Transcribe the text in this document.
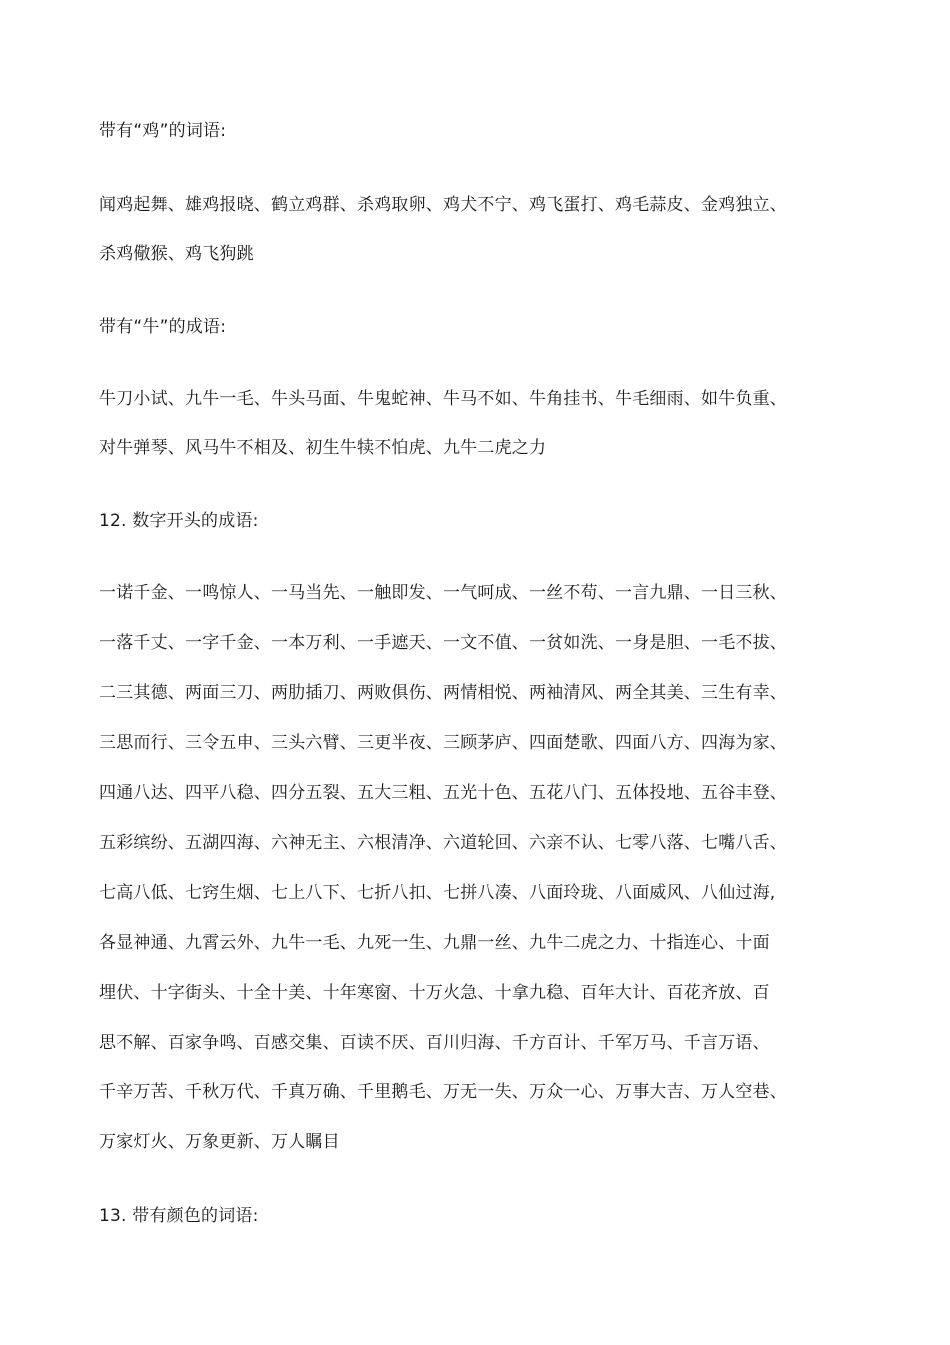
带有“鸡”的词语:
闻鸡起舞、雄鸡报晓、鹤立鸡群、杀鸡取卵、鸡犬不宁、鸡飞蛋打、鸡毛蒜皮、金鸡独立、
杀鸡儆猴、鸡飞狗跳
带有“牛”的成语:
牛刀小试、九牛一毛、牛头马面、牛鬼蛇神、牛马不如、牛角挂书、牛毛细雨、如牛负重、
对牛弹琴、风马牛不相及、初生牛犊不怕虎、九牛二虎之力
12. 数字开头的成语:
一诺千金、一鸣惊人、一马当先、一触即发、一气呵成、一丝不苟、一言九鼎、一日三秋、
一落千丈、一字千金、一本万利、一手遮天、一文不值、一贫如洗、一身是胆、一毛不拔、
二三其德、两面三刀、两肋插刀、两败俱伤、两情相悦、两袖清风、两全其美、三生有幸、
三思而行、三令五申、三头六臂、三更半夜、三顾茅庐、四面楚歌、四面八方、四海为家、
四通八达、四平八稳、四分五裂、五大三粗、五光十色、五花八门、五体投地、五谷丰登、
五彩缤纷、五湖四海、六神无主、六根清净、六道轮回、六亲不认、七零八落、七嘴八舌、
七高八低、七窍生烟、七上八下、七折八扣、七拼八凑、八面玲珑、八面威风、八仙过海,
各显神通、九霄云外、九牛一毛、九死一生、九鼎一丝、九牛二虎之力、十指连心、十面
埋伏、十字街头、十全十美、十年寒窗、十万火急、十拿九稳、百年大计、百花齐放、百
思不解、百家争鸣、百感交集、百读不厌、百川归海、千方百计、千军万马、千言万语、
千辛万苦、千秋万代、千真万确、千里鹅毛、万无一失、万众一心、万事大吉、万人空巷、
万家灯火、万象更新、万人瞩目
13. 带有颜色的词语:
